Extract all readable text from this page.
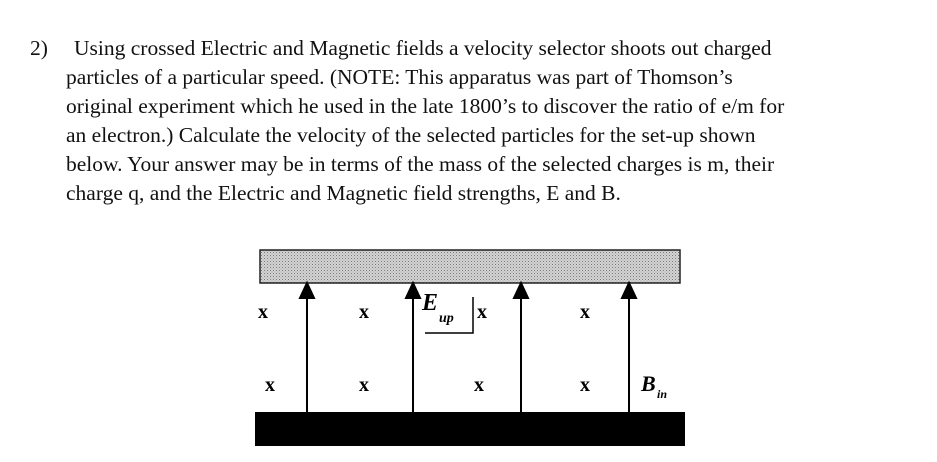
2) Using crossed Electric and Magnetic fields a velocity selector shoots out charged
particles of a particular speed. (NOTE: This apparatus was part of Thomson’s
original experiment which he used in the late 1800’s to discover the ratio of e/m for
an electron.) Calculate the velocity of the selected particles for the set-up shown
below. Your answer may be in terms of the mass of the selected charges is m, their
charge q, and the Electric and Magnetic field strengths, E and B.
E
up
x	x	x	x
x	x	x	x B in
